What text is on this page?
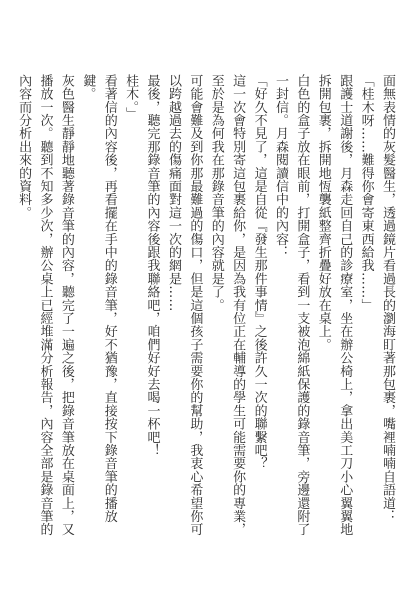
面無表情的灰髮醫生，透過鏡片看過長的瀏海盯著那包裹，嘴裡喃喃自語道：「桂木呀……難得你會寄東西給我……」

跟護士道謝後，月森走回自己的診療室，坐在辦公椅上，拿出美工刀小心翼翼地拆開包裹，拆開地恆襲紙整齊折疊好放在桌上。

白色的盒子放在眼前，打開盒子，看到一支被泡綿紙保護的錄音筆，旁邊還附了一封信。月森閱讀信中的內容：

「好久不見了，這是自從『發生那件事情』之後許久一次的聯繫吧？

這一次會特別寄這包裹給你，是因為我有位正在輔導的學生可能需要你的專業，至於是為何我在那錄音筆的內容就是了。

可能會難及到你那最難過的傷口，但是這個孩子需要你的幫助，我衷心希望你可以跨越過去的傷痛面對這一次的網是……

最後，聽完那錄音筆的內容後跟我聯絡吧，咱們好好去喝一杯吧！

桂木。」

看著信的內容後，再看擺在手中的錄音筆，好不猶豫，直接按下錄音筆的播放鍵。

灰色醫生靜靜地聽著錄音筆的內容，聽完了一遍之後，把錄音筆放在桌面上，又播放一次。聽到不知多少次，辦公桌上已經堆滿分析報告，內容全部是錄音筆的內容而分析出來的資料。
